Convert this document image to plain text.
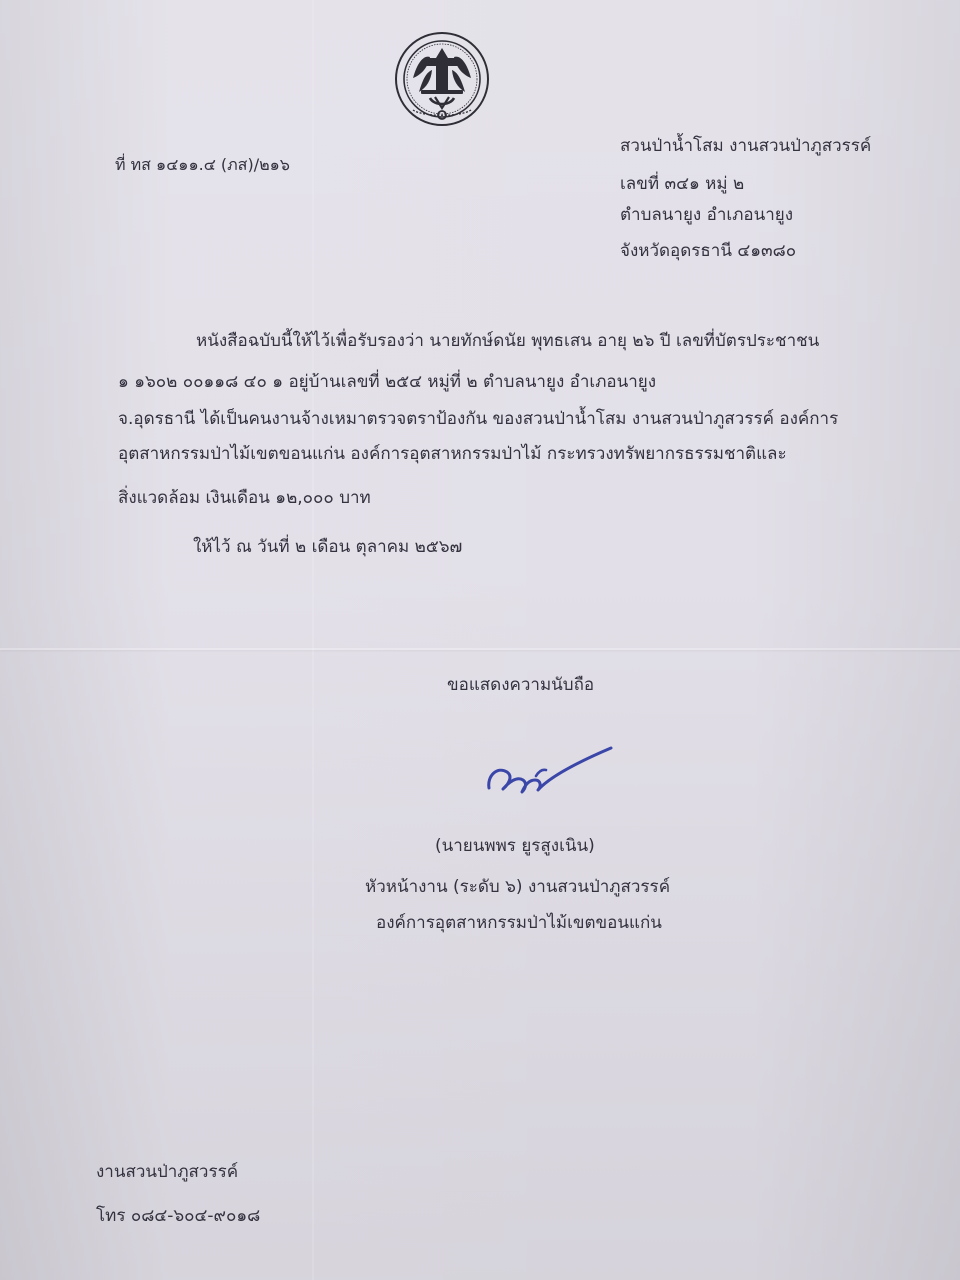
ที่ ทส ๑๔๑๑.๔ (ภส)/๒๑๖
สวนป่าน้ำโสม งานสวนป่าภูสวรรค์
เลขที่ ๓๔๑ หมู่ ๒
ตำบลนายูง อำเภอนายูง
จังหวัดอุดรธานี ๔๑๓๘๐
หนังสือฉบับนี้ให้ไว้เพื่อรับรองว่า นายทักษ์ดนัย พุทธเสน อายุ ๒๖ ปี เลขที่บัตรประชาชน
๑ ๑๖๐๒ ๐๐๑๑๘ ๔๐ ๑ อยู่บ้านเลขที่ ๒๕๔ หมู่ที่ ๒ ตำบลนายูง อำเภอนายูง
จ.อุดรธานี ได้เป็นคนงานจ้างเหมาตรวจตราป้องกัน ของสวนป่าน้ำโสม งานสวนป่าภูสวรรค์ องค์การ
อุตสาหกรรมป่าไม้เขตขอนแก่น องค์การอุตสาหกรรมป่าไม้ กระทรวงทรัพยากรธรรมชาติและ
สิ่งแวดล้อม เงินเดือน ๑๒,๐๐๐ บาท
ให้ไว้ ณ วันที่ ๒ เดือน ตุลาคม ๒๕๖๗
ขอแสดงความนับถือ
(นายนพพร ยูรสูงเนิน)
หัวหน้างาน (ระดับ ๖) งานสวนป่าภูสวรรค์
องค์การอุตสาหกรรมป่าไม้เขตขอนแก่น
งานสวนป่าภูสวรรค์
โทร ๐๘๔-๖๐๔-๙๐๑๘
